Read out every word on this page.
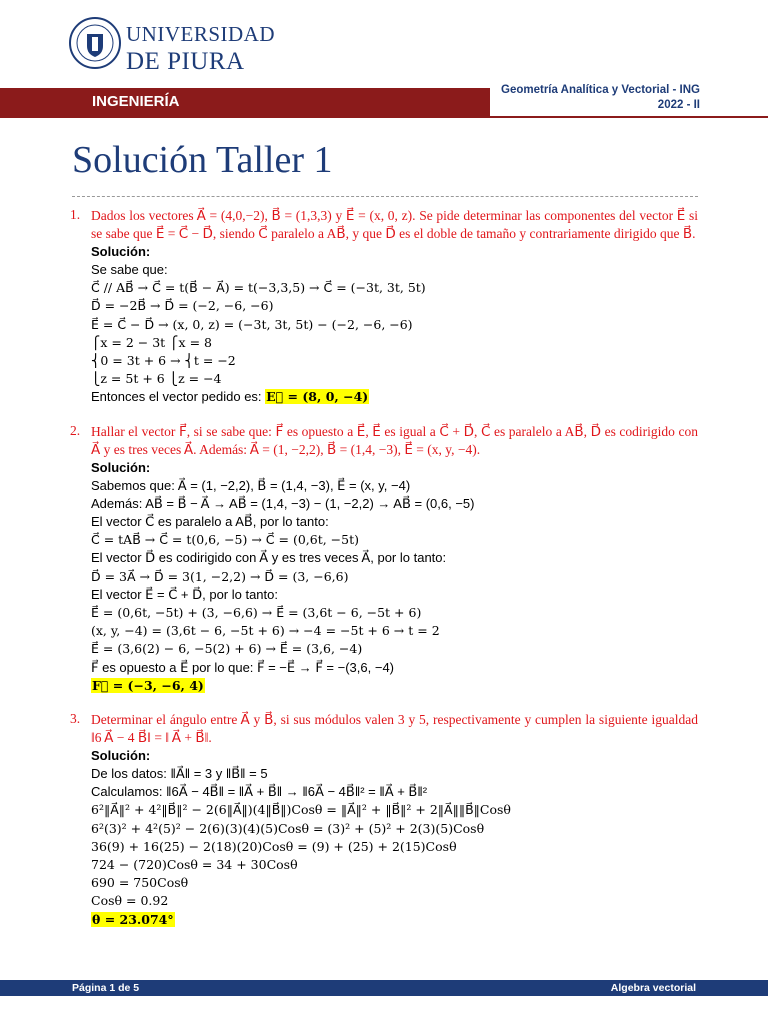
UNIVERSIDAD
DE PIURA
INGENIERÍA
Geometría Analítica y Vectorial - ING
2022 - II
Solución Taller 1
1. Dados los vectores A⃗ = (4,0,−2), B⃗ = (1,3,3) y E⃗ = (x, 0, z). Se pide determinar las componentes del vector E⃗ si se sabe que E⃗ = C⃗ − D⃗, siendo C⃗ paralelo a AB⃗, y que D⃗ es el doble de tamaño y contrariamente dirigido que B⃗.
Solución:
Se sabe que:
C⃗ // AB⃗ → C⃗ = t(B⃗ − A⃗) = t(−3,3,5) → C⃗ = (−3t, 3t, 5t)
D⃗ = −2B⃗ → D⃗ = (−2, −6, −6)
E⃗ = C⃗ − D⃗ → (x, 0, z) = (−3t, 3t, 5t) − (−2, −6, −6)
⎧x = 2 − 3t ⎧x = 8
⎨0 = 3t + 6 → ⎨t = −2
⎩z = 5t + 6 ⎩z = −4
Entonces el vector pedido es: E⃗ = (8, 0, −4)
2. Hallar el vector F⃗, si se sabe que: F⃗ es opuesto a E⃗, E⃗ es igual a C⃗ + D⃗, C⃗ es paralelo a AB⃗, D⃗ es codirigido con A⃗ y es tres veces A⃗. Además: A⃗ = (1, −2,2), B⃗ = (1,4, −3), E⃗ = (x, y, −4).
Solución:
Sabemos que: A⃗ = (1, −2,2), B⃗ = (1,4, −3), E⃗ = (x, y, −4)
Además: AB⃗ = B⃗ − A⃗ → AB⃗ = (1,4, −3) − (1, −2,2) → AB⃗ = (0,6, −5)
El vector C⃗ es paralelo a AB⃗, por lo tanto:
C⃗ = tAB⃗ → C⃗ = t(0,6, −5) → C⃗ = (0,6t, −5t)
El vector D⃗ es codirigido con A⃗ y es tres veces A⃗, por lo tanto:
D⃗ = 3A⃗ → D⃗ = 3(1, −2,2) → D⃗ = (3, −6,6)
El vector E⃗ = C⃗ + D⃗, por lo tanto:
E⃗ = (0,6t, −5t) + (3, −6,6) → E⃗ = (3,6t − 6, −5t + 6)
(x, y, −4) = (3,6t − 6, −5t + 6) → −4 = −5t + 6 → t = 2
E⃗ = (3,6(2) − 6, −5(2) + 6) → E⃗ = (3,6, −4)
F⃗ es opuesto a E⃗ por lo que: F⃗ = −E⃗ → F⃗ = −(3,6, −4)
F⃗ = (−3, −6, 4)
3. Determinar el ángulo entre A⃗ y B⃗, si sus módulos valen 3 y 5, respectivamente y cumplen la siguiente igualdad ‖6 A⃗ − 4 B⃗‖ = ‖ A⃗ + B⃗‖.
Solución:
De los datos: ‖A⃗‖ = 3 y ‖B⃗‖ = 5
Calculamos: ‖6A⃗ − 4B⃗‖ = ‖A⃗ + B⃗‖ → ‖6A⃗ − 4B⃗‖² = ‖A⃗ + B⃗‖²
6²‖A⃗‖² + 4²‖B⃗‖² − 2(6‖A⃗‖)(4‖B⃗‖)Cosθ = ‖A⃗‖² + ‖B⃗‖² + 2‖A⃗‖‖B⃗‖Cosθ
6²(3)² + 4²(5)² − 2(6)(3)(4)(5)Cosθ = (3)² + (5)² + 2(3)(5)Cosθ
36(9) + 16(25) − 2(18)(20)Cosθ = (9) + (25) + 2(15)Cosθ
724 − (720)Cosθ = 34 + 30Cosθ
690 = 750Cosθ
Cosθ = 0.92
θ = 23.074°
Página 1 de 5	Algebra vectorial
